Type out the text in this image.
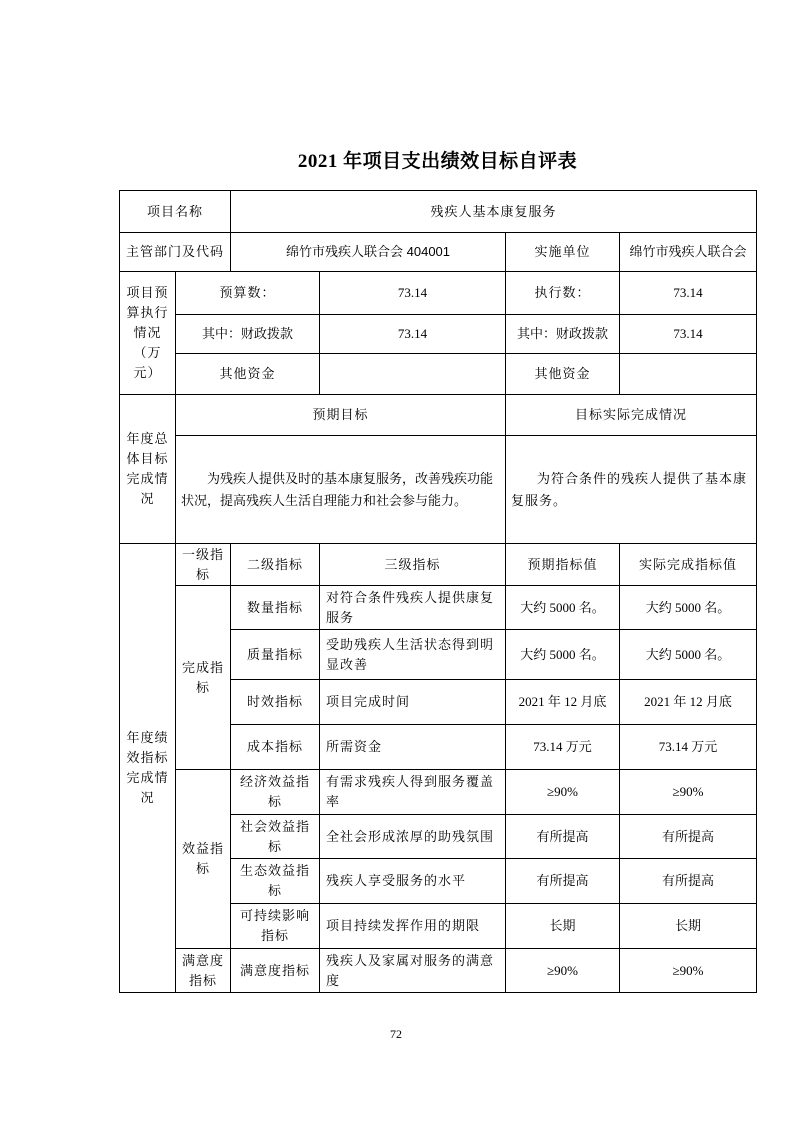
2021 年项目支出绩效目标自评表
项目名称		残疾人基本康复服务			
主管部门及代码		绵竹市残疾人联合会 404001		实施单位	绵竹市残疾人联合会
项目预算执行情况（万元）	预算数：		73.14	执行数：	73.14
	其中：财政拨款		73.14	其中：财政拨款	73.14
	其他资金			其他资金	
年度总体目标完成情况	预期目标			目标实际完成情况	
	为残疾人提供及时的基本康复服务，改善残疾功能状况，提高残疾人生活自理能力和社会参与能力。			为符合条件的残疾人提供了基本康复服务。	
年度绩效指标完成情况	一级指标	二级指标	三级指标	预期指标值	实际完成指标值
	完成指标	数量指标	对符合条件残疾人提供康复服务	大约 5000 名。	大约 5000 名。
		质量指标	受助残疾人生活状态得到明显改善	大约 5000 名。	大约 5000 名。
		时效指标	项目完成时间	2021 年 12 月底	2021 年 12 月底
		成本指标	所需资金	73.14 万元	73.14 万元
	效益指标	经济效益指标	有需求残疾人得到服务覆盖率	≥90%	≥90%
		社会效益指标	全社会形成浓厚的助残氛围	有所提高	有所提高
		生态效益指标	残疾人享受服务的水平	有所提高	有所提高
		可持续影响指标	项目持续发挥作用的期限	长期	长期
	满意度指标	满意度指标	残疾人及家属对服务的满意度	≥90%	≥90%
72
